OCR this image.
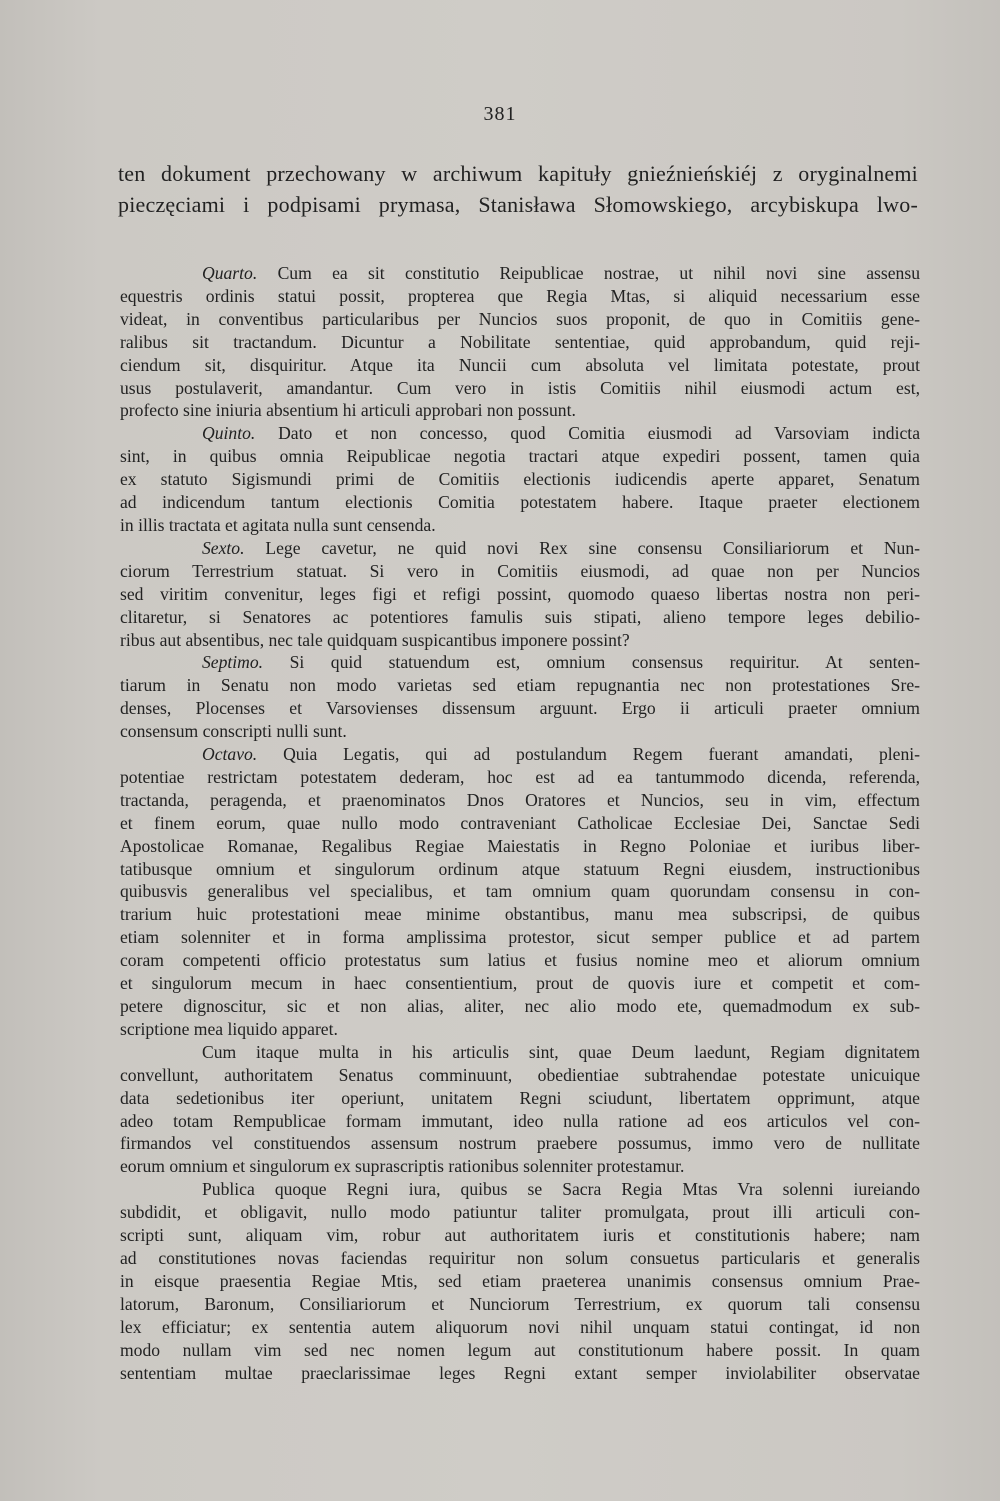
381
ten dokument przechowany w archiwum kapituły gnieźnieńskiéj z oryginalnemi
pieczęciami i podpisami prymasa, Stanisława Słomowskiego, arcybiskupa lwo-
Quarto. Cum ea sit constitutio Reipublicae nostrae, ut nihil novi sine assensu
equestris ordinis statui possit, propterea que Regia Mtas, si aliquid necessarium esse
videat, in conventibus particularibus per Nuncios suos proponit, de quo in Comitiis gene-
ralibus sit tractandum. Dicuntur a Nobilitate sententiae, quid approbandum, quid reji-
ciendum sit, disquiritur. Atque ita Nuncii cum absoluta vel limitata potestate, prout
usus postulaverit, amandantur. Cum vero in istis Comitiis nihil eiusmodi actum est,
profecto sine iniuria absentium hi articuli approbari non possunt.
Quinto. Dato et non concesso, quod Comitia eiusmodi ad Varsoviam indicta
sint, in quibus omnia Reipublicae negotia tractari atque expediri possent, tamen quia
ex statuto Sigismundi primi de Comitiis electionis iudicendis aperte apparet, Senatum
ad indicendum tantum electionis Comitia potestatem habere. Itaque praeter electionem
in illis tractata et agitata nulla sunt censenda.
Sexto. Lege cavetur, ne quid novi Rex sine consensu Consiliariorum et Nun-
ciorum Terrestrium statuat. Si vero in Comitiis eiusmodi, ad quae non per Nuncios
sed viritim convenitur, leges figi et refigi possint, quomodo quaeso libertas nostra non peri-
clitaretur, si Senatores ac potentiores famulis suis stipati, alieno tempore leges debilio-
ribus aut absentibus, nec tale quidquam suspicantibus imponere possint?
Septimo. Si quid statuendum est, omnium consensus requiritur. At senten-
tiarum in Senatu non modo varietas sed etiam repugnantia nec non protestationes Sre-
denses, Plocenses et Varsovienses dissensum arguunt. Ergo ii articuli praeter omnium
consensum conscripti nulli sunt.
Octavo. Quia Legatis, qui ad postulandum Regem fuerant amandati, pleni-
potentiae restrictam potestatem dederam, hoc est ad ea tantummodo dicenda, referenda,
tractanda, peragenda, et praenominatos Dnos Oratores et Nuncios, seu in vim, effectum
et finem eorum, quae nullo modo contraveniant Catholicae Ecclesiae Dei, Sanctae Sedi
Apostolicae Romanae, Regalibus Regiae Maiestatis in Regno Poloniae et iuribus liber-
tatibusque omnium et singulorum ordinum atque statuum Regni eiusdem, instructionibus
quibusvis generalibus vel specialibus, et tam omnium quam quorundam consensu in con-
trarium huic protestationi meae minime obstantibus, manu mea subscripsi, de quibus
etiam solenniter et in forma amplissima protestor, sicut semper publice et ad partem
coram competenti officio protestatus sum latius et fusius nomine meo et aliorum omnium
et singulorum mecum in haec consentientium, prout de quovis iure et competit et com-
petere dignoscitur, sic et non alias, aliter, nec alio modo ete, quemadmodum ex sub-
scriptione mea liquido apparet.
Cum itaque multa in his articulis sint, quae Deum laedunt, Regiam dignitatem
convellunt, authoritatem Senatus comminuunt, obedientiae subtrahendae potestate unicuique
data sedetionibus iter operiunt, unitatem Regni sciudunt, libertatem opprimunt, atque
adeo totam Rempublicae formam immutant, ideo nulla ratione ad eos articulos vel con-
firmandos vel constituendos assensum nostrum praebere possumus, immo vero de nullitate
eorum omnium et singulorum ex suprascriptis rationibus solenniter protestamur.
Publica quoque Regni iura, quibus se Sacra Regia Mtas Vra solenni iureiando
subdidit, et obligavit, nullo modo patiuntur taliter promulgata, prout illi articuli con-
scripti sunt, aliquam vim, robur aut authoritatem iuris et constitutionis habere; nam
ad constitutiones novas faciendas requiritur non solum consuetus particularis et generalis
in eisque praesentia Regiae Mtis, sed etiam praeterea unanimis consensus omnium Prae-
latorum, Baronum, Consiliariorum et Nunciorum Terrestrium, ex quorum tali consensu
lex efficiatur; ex sententia autem aliquorum novi nihil unquam statui contingat, id non
modo nullam vim sed nec nomen legum aut constitutionum habere possit. In quam
sententiam multae praeclarissimae leges Regni extant semper inviolabiliter observatae
